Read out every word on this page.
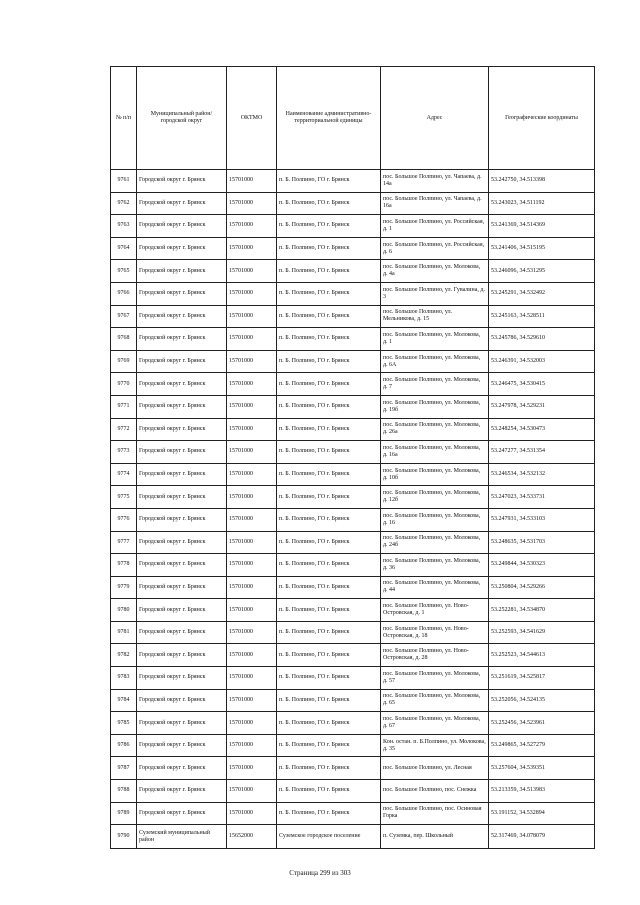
№ п/п	Муниципальный район/городской округ	ОКТМО	Наименование административно-территориальной единицы	Адрес	Географические координаты
9761	Городской округ г. Брянск	15701000	п. Б. Полпино, ГО г. Брянск	пос. Большое Полпино, ул. Чапаева, д. 14а	53.242750, 34.513398
9762	Городской округ г. Брянск	15701000	п. Б. Полпино, ГО г. Брянск	пос. Большое Полпино, ул. Чапаева, д. 16а	53.243023, 34.511192
9763	Городской округ г. Брянск	15701000	п. Б. Полпино, ГО г. Брянск	пос. Большое Полпино, ул. Российская, д. 1	53.241369, 34.514369
9764	Городской округ г. Брянск	15701000	п. Б. Полпино, ГО г. Брянск	пос. Большое Полпино, ул. Российская, д. 6	53.241406, 34.515195
9765	Городской округ г. Брянск	15701000	п. Б. Полпино, ГО г. Брянск	пос. Большое Полпино, ул. Молокова, д. 4а	53.246096, 34.531295
9766	Городской округ г. Брянск	15701000	п. Б. Полпино, ГО г. Брянск	пос. Большое Полпино, ул. Гувалина, д. 3	53.245291, 34.532492
9767	Городской округ г. Брянск	15701000	п. Б. Полпино, ГО г. Брянск	пос. Большое Полпино, ул. Мельникова, д. 15	53.245163, 34.528511
9768	Городской округ г. Брянск	15701000	п. Б. Полпино, ГО г. Брянск	пос. Большое Полпино, ул. Молокова, д. 1	53.245786, 34.529610
9769	Городской округ г. Брянск	15701000	п. Б. Полпино, ГО г. Брянск	пос. Большое Полпино, ул. Молокова, д. 6А	53.246391, 34.532003
9770	Городской округ г. Брянск	15701000	п. Б. Полпино, ГО г. Брянск	пос. Большое Полпино, ул. Молокова, д. 7	53.246475, 34.530415
9771	Городской округ г. Брянск	15701000	п. Б. Полпино, ГО г. Брянск	пос. Большое Полпино, ул. Молокова, д. 19б	53.247978, 34.529231
9772	Городской округ г. Брянск	15701000	п. Б. Полпино, ГО г. Брянск	пос. Большое Полпино, ул. Молокова, д. 26а	53.248254, 34.530473
9773	Городской округ г. Брянск	15701000	п. Б. Полпино, ГО г. Брянск	пос. Большое Полпино, ул. Молокова, д. 16а	53.247277, 34.531354
9774	Городской округ г. Брянск	15701000	п. Б. Полпино, ГО г. Брянск	пос. Большое Полпино, ул. Молокова, д. 10б	53.246534, 34.532132
9775	Городской округ г. Брянск	15701000	п. Б. Полпино, ГО г. Брянск	пос. Большое Полпино, ул. Молокова, д. 12б	53.247023, 34.533731
9776	Городской округ г. Брянск	15701000	п. Б. Полпино, ГО г. Брянск	пос. Большое Полпино, ул. Молокова, д. 16	53.247931, 34.533103
9777	Городской округ г. Брянск	15701000	п. Б. Полпино, ГО г. Брянск	пос. Большое Полпино, ул. Молокова, д. 24б	53.248635, 34.531703
9778	Городской округ г. Брянск	15701000	п. Б. Полпино, ГО г. Брянск	пос. Большое Полпино, ул. Молокова, д. 36	53.249844, 34.530323
9779	Городской округ г. Брянск	15701000	п. Б. Полпино, ГО г. Брянск	пос. Большое Полпино, ул. Молокова, д. 44	53.250804, 34.529266
9780	Городской округ г. Брянск	15701000	п. Б. Полпино, ГО г. Брянск	пос. Большое Полпино, ул. Ново-Островская, д. 1	53.252281, 34.534870
9781	Городской округ г. Брянск	15701000	п. Б. Полпино, ГО г. Брянск	пос. Большое Полпино, ул. Ново-Островская, д. 18	53.252593, 34.541629
9782	Городской округ г. Брянск	15701000	п. Б. Полпино, ГО г. Брянск	пос. Большое Полпино, ул. Ново-Островская, д. 28	53.252523, 34.544613
9783	Городской округ г. Брянск	15701000	п. Б. Полпино, ГО г. Брянск	пос. Большое Полпино, ул. Молокова, д. 57	53.251619, 34.525817
9784	Городской округ г. Брянск	15701000	п. Б. Полпино, ГО г. Брянск	пос. Большое Полпино, ул. Молокова, д. 65	53.252056, 34.524135
9785	Городской округ г. Брянск	15701000	п. Б. Полпино, ГО г. Брянск	пос. Большое Полпино, ул. Молокова, д. 67	53.252456, 34.523961
9786	Городской округ г. Брянск	15701000	п. Б. Полпино, ГО г. Брянск	Кон. остан. п. Б.Полпино, ул. Молокова, д. 35	53.249865, 34.527279
9787	Городской округ г. Брянск	15701000	п. Б. Полпино, ГО г. Брянск	пос. Большое Полпино, ул. Лесная	53.257604, 34.539351
9788	Городской округ г. Брянск	15701000	п. Б. Полпино, ГО г. Брянск	пос. Большое Полпино, пос. Снежка	53.213359, 34.513983
9789	Городской округ г. Брянск	15701000	п. Б. Полпино, ГО г. Брянск	пос. Большое Полпино, пос. Осиновая Горка	53.191152, 34.532894
9790	Суземский муниципальный район	15652000	Суземское городское поселение	п. Суземка, пер. Школьный	52.317469, 34.078079
Страница 299 из 303
